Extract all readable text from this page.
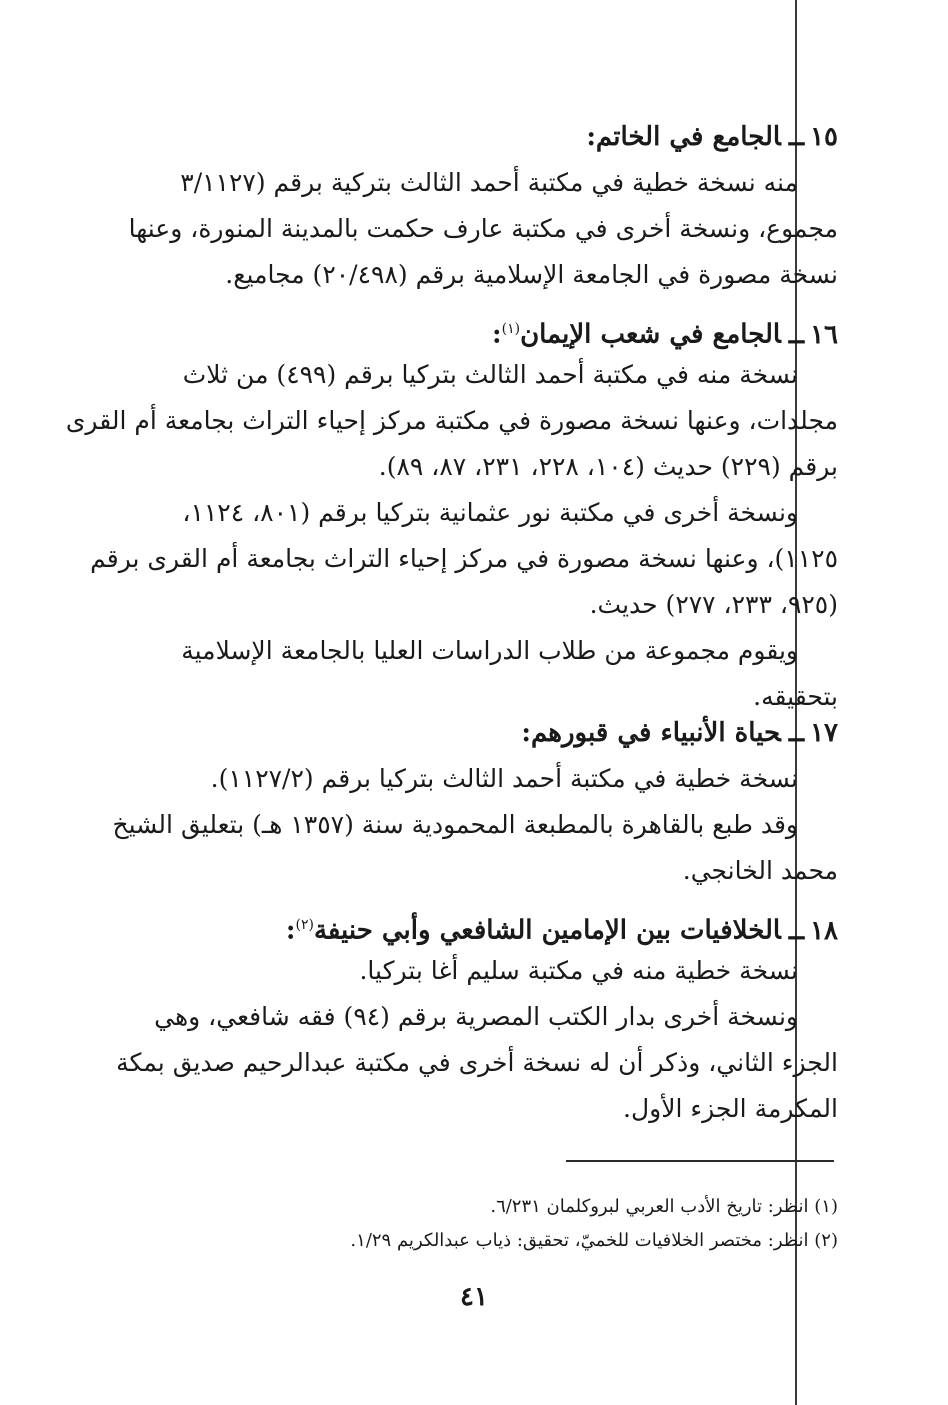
١٥ــالجامع في الخاتم:
منه نسخة خطية في مكتبة أحمد الثالث بتركية برقم (٣/١١٢٧
مجموع، ونسخة أخرى في مكتبة عارف حكمت بالمدينة المنورة، وعنها
نسخة مصورة في الجامعة الإسلامية برقم (٢٠/٤٩٨) مجاميع.
١٦ــالجامع في شعب الإيمان$^{(١)}$:
نسخة منه في مكتبة أحمد الثالث بتركيا برقم (٤٩٩) من ثلاث
مجلدات، وعنها نسخة مصورة في مكتبة مركز إحياء التراث بجامعة أم القرى
برقم (٢٢٩) حديث (١٠٤، ٢٢٨، ٢٣١، ٨٧، ٨٩).
ونسخة أخرى في مكتبة نور عثمانية بتركيا برقم (٨٠١، ١١٢٤،
١١٢٥)، وعنها نسخة مصورة في مركز إحياء التراث بجامعة أم القرى برقم
(٩٢٥، ٢٣٣، ٢٧٧) حديث.
ويقوم مجموعة من طلاب الدراسات العليا بالجامعة الإسلامية
بتحقيقه.
١٧ــحياة الأنبياء في قبورهم:
نسخة خطية في مكتبة أحمد الثالث بتركيا برقم (١١٢٧/٢).
وقد طبع بالقاهرة بالمطبعة المحمودية سنة (١٣٥٧ هـ) بتعليق الشيخ
محمد الخانجي.
١٨ــالخلافيات بين الإمامين الشافعي وأبي حنيفة$^{(٢)}$:
نسخة خطية منه في مكتبة سليم أغا بتركيا.
ونسخة أخرى بدار الكتب المصرية برقم (٩٤) فقه شافعي، وهي
الجزء الثاني، وذكر أن له نسخة أخرى في مكتبة عبدالرحيم صديق بمكة
المكرمة الجزء الأول.
(١) انظر: تاريخ الأدب العربي لبروكلمان ٦/٢٣١.
(٢) انظر: مختصر الخلافيات للخميّ، تحقيق: ذياب عبدالكريم ١/٢٩.
٤١
